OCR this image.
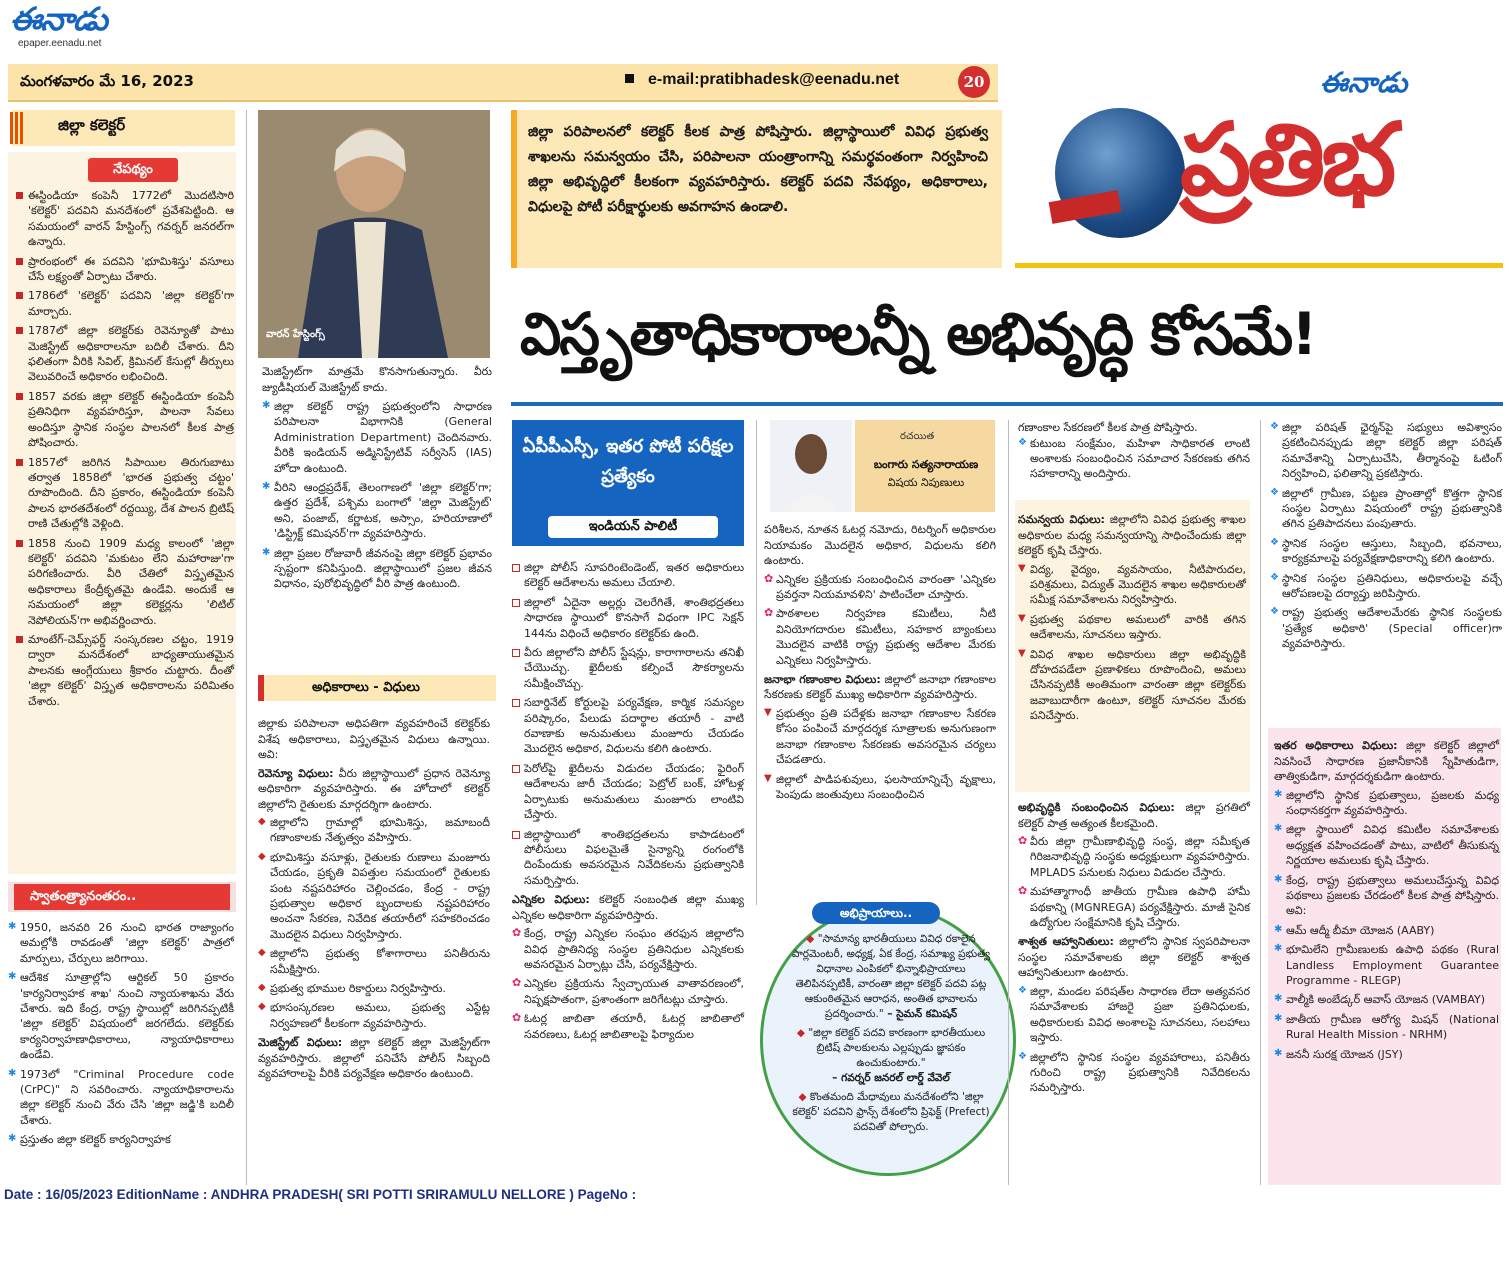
ఈనాడు
epaper.eenadu.net
మంగళవారం మే 16, 2023	e-mail:pratibhadesk@eenadu.net	20	ఈనాడు
ప్రతిభ
జిల్లా కలెక్టర్
నేపథ్యం
ఈస్టిండియా కంపెనీ 1772లో మొదటిసారి 'కలెక్టర్' పదవిని మనదేశంలో ప్రవేశపెట్టింది. ఆ సమయంలో వారన్ హేస్టింగ్స్ గవర్నర్ జనరల్‌గా ఉన్నారు.
ప్రారంభంలో ఈ పదవిని 'భూమిశిస్తు' వసూలు చేసే లక్ష్యంతో ఏర్పాటు చేశారు.
1786లో 'కలెక్టర్' పదవిని 'జిల్లా కలెక్టర్'గా మార్చారు.
1787లో జిల్లా కలెక్టర్‌కు రెవెన్యూతో పాటు మెజిస్ట్రేట్ అధికారాలనూ బదిలీ చేశారు. దీని ఫలితంగా వీరికి సివిల్, క్రిమినల్ కేసుల్లో తీర్పులు వెలువరించే అధికారం లభించింది.
1857 వరకు జిల్లా కలెక్టర్ ఈస్టిండియా కంపెనీ ప్రతినిధిగా వ్యవహరిస్తూ, పాలనా సేవలు అందిస్తూ స్థానిక సంస్థల పాలనలో కీలక పాత్ర పోషించారు.
1857లో జరిగిన సిపాయిల తిరుగుబాటు తర్వాత 1858లో 'భారత ప్రభుత్వ చట్టం' రూపొందింది. దీని ప్రకారం, ఈస్టిండియా కంపెనీ పాలన భారతదేశంలో రద్దయ్యి, దేశ పాలన బ్రిటిష్ రాణి చేతుల్లోకి వెళ్లింది.
1858 నుంచి 1909 మధ్య కాలంలో 'జిల్లా కలెక్టర్' పదవిని 'మకుటం లేని మహారాజు'గా పరిగణించారు. వీరి చేతిలో విస్తృతమైన అధికారాలు కేంద్రీకృతమై ఉండేవి. అందుకే ఆ సమయంలో జిల్లా కలెక్టర్లను 'లిటిల్ నెపోలియన్'గా అభివర్ణించారు.
మాంటేగ్-చెమ్స్‌ఫర్డ్ సంస్కరణల చట్టం, 1919 ద్వారా మనదేశంలో బాధ్యతాయుతమైన పాలనకు ఆంగ్లేయులు శ్రీకారం చుట్టారు. దీంతో 'జిల్లా కలెక్టర్' విస్తృత అధికారాలను పరిమితం చేశారు.
స్వాతంత్ర్యానంతరం..
✱ 1950, జనవరి 26 నుంచి భారత రాజ్యాంగం అమల్లోకి రావడంతో 'జిల్లా కలెక్టర్' పాత్రలో మార్పులు, చేర్పులు జరిగాయి.
✱ ఆదేశిక సూత్రాల్లోని ఆర్టికల్ 50 ప్రకారం 'కార్యనిర్వాహక శాఖ' నుంచి న్యాయశాఖను వేరు చేశారు. ఇది కేంద్ర, రాష్ట్ర స్థాయిల్లో జరిగినప్పటికీ 'జిల్లా కలెక్టర్' విషయంలో జరగలేదు. కలెక్టర్‌కు కార్యనిర్వాహణాధికారాలు, న్యాయాధికారాలు ఉండేవి.
✱ 1973లో "Criminal Procedure code (CrPC)" ని సవరించారు. న్యాయాధికారాలను జిల్లా కలెక్టర్ నుంచి వేరు చేసి 'జిల్లా జడ్జి'కి బదిలీ చేశారు.
✱ ప్రస్తుతం జిల్లా కలెక్టర్ కార్యనిర్వాహక
వారన్ హేస్టింగ్స్
మెజిస్ట్రేట్‌గా మాత్రమే కొనసాగుతున్నారు. వీరు జ్యుడీషియల్ మెజిస్ట్రేట్ కాదు.
✱ జిల్లా కలెక్టర్ రాష్ట్ర ప్రభుత్వంలోని సాధారణ పరిపాలనా విభాగానికి (General Administration Department) చెందినవారు. వీరికి ఇండియన్ అడ్మినిస్ట్రేటివ్ సర్వీసెస్ (IAS) హోదా ఉంటుంది.
✱ వీరిని ఆంధ్రప్రదేశ్, తెలంగాణలో 'జిల్లా కలెక్టర్'గా; ఉత్తర ప్రదేశ్, పశ్చిమ బంగాలో 'జిల్లా మెజిస్ట్రేట్' అని, పంజాబ్, కర్ణాటక, అస్సాం, హరియాణాలో 'డిస్ట్రిక్ట్ కమిషనర్'గా వ్యవహరిస్తారు.
✱ జిల్లా ప్రజల రోజువారీ జీవనంపై జిల్లా కలెక్టర్ ప్రభావం స్పష్టంగా కనిపిస్తుంది. జిల్లాస్థాయిలో ప్రజల జీవన విధానం, పురోభివృద్ధిలో వీరి పాత్ర ఉంటుంది.
అధికారాలు - విధులు
జిల్లాకు పరిపాలనా అధిపతిగా వ్యవహరించే కలెక్టర్‌కు విశేష అధికారాలు, విస్తృతమైన విధులు ఉన్నాయి. అవి:
రెవెన్యూ విధులు: వీరు జిల్లాస్థాయిలో ప్రధాన రెవెన్యూ అధికారిగా వ్యవహరిస్తారు. ఈ హోదాలో కలెక్టర్ జిల్లాలోని రైతులకు మార్గదర్శిగా ఉంటారు.
◆ జిల్లాలోని గ్రామాల్లో భూమిశిస్తు, జమాబందీ గణాంకాలకు నేతృత్వం వహిస్తారు.
◆ భూమిశిస్తు వసూళ్లు, రైతులకు రుణాలు మంజూరు చేయడం, ప్రకృతి విపత్తుల సమయంలో రైతులకు పంట నష్టపరిహారం చెల్లించడం, కేంద్ర - రాష్ట్ర ప్రభుత్వాల అధికార బృందాలకు నష్టపరిహారం అంచనా సేకరణ, నివేదిక తయారీలో సహకరించడం మొదలైన విధులు నిర్వహిస్తారు.
◆ జిల్లాలోని ప్రభుత్వ కోశాగారాలు పనితీరును సమీక్షిస్తారు.
◆ ప్రభుత్వ భూముల రికార్డులు నిర్వహిస్తారు.
◆ భూసంస్కరణల అమలు, ప్రభుత్వ ఎస్టేట్ల నిర్వహణలో కీలకంగా వ్యవహరిస్తారు.
మెజిస్ట్రేట్ విధులు: జిల్లా కలెక్టర్ జిల్లా మెజిస్ట్రేట్‌గా వ్యవహరిస్తారు. జిల్లాలో పనిచేసే పోలీస్ సిబ్బంది వ్యవహారాలపై వీరికి పర్యవేక్షణ అధికారం ఉంటుంది.
జిల్లా పరిపాలనలో కలెక్టర్ కీలక పాత్ర పోషిస్తారు. జిల్లాస్థాయిలో వివిధ ప్రభుత్వ శాఖలను సమన్వయం చేసి, పరిపాలనా యంత్రాంగాన్ని సమర్థవంతంగా నిర్వహించి జిల్లా అభివృద్ధిలో కీలకంగా వ్యవహరిస్తారు. కలెక్టర్ పదవి నేపథ్యం, అధికారాలు, విధులపై పోటీ పరీక్షార్థులకు అవగాహన ఉండాలి.
విస్తృతాధికారాలన్నీ అభివృద్ధి కోసమే!
ఏపీపీఎస్సీ, ఇతర పోటీ పరీక్షల ప్రత్యేకం
ఇండియన్ పాలిటీ
జిల్లా పోలీస్ సూపరింటెండెంట్, ఇతర అధికారులు కలెక్టర్ ఆదేశాలను అమలు చేయాలి.
జిల్లాలో ఏదైనా అల్లర్లు చెలరేగితే, శాంతిభద్రతలు సాధారణ స్థాయిలో కొనసాగే విధంగా IPC సెక్షన్ 144ను విధించే అధికారం కలెక్టర్‌కు ఉంది.
వీరు జిల్లాలోని పోలీస్ స్టేషన్లు, కారాగారాలను తనిఖీ చేయొచ్చు. ఖైదీలకు కల్పించే సౌకర్యాలను సమీక్షించొచ్చు.
సబార్డినేట్ కోర్టులపై పర్యవేక్షణ, కార్మిక సమస్యల పరిష్కారం, పేలుడు పదార్థాల తయారీ - వాటి రవాణాకు అనుమతులు మంజూరు చేయడం మొదలైన అధికార, విధులను కలిగి ఉంటారు.
పెరోల్‌పై ఖైదీలను విడుదల చేయడం; ఫైరింగ్ ఆదేశాలను జారీ చేయడం; పెట్రోల్ బంక్, హోటళ్ల ఏర్పాటుకు అనుమతులు మంజూరు లాంటివి చేస్తారు.
జిల్లాస్థాయిలో శాంతిభద్రతలను కాపాడటంలో పోలీసులు విఫలమైతే సైన్యాన్ని రంగంలోకి దింపేందుకు అవసరమైన నివేదికలను ప్రభుత్వానికి సమర్పిస్తారు.
ఎన్నికల విధులు: కలెక్టర్ సంబంధిత జిల్లా ముఖ్య ఎన్నికల అధికారిగా వ్యవహరిస్తారు.
✿ కేంద్ర, రాష్ట్ర ఎన్నికల సంఘం తరఫున జిల్లాలోని వివిధ ప్రాతినిధ్య సంస్థల ప్రతినిధుల ఎన్నికలకు అవసరమైన ఏర్పాట్లు చేసి, పర్యవేక్షిస్తారు.
✿ ఎన్నికల ప్రక్రియను స్వేచ్ఛాయుత వాతావరణంలో, నిష్పక్షపాతంగా, ప్రశాంతంగా జరిగేటట్లు చూస్తారు.
✿ ఓటర్ల జాబితా తయారీ, ఓటర్ల జాబితాలో సవరణలు, ఓటర్ల జాబితాలపై ఫిర్యాదుల
రచయిత
బంగారు సత్యనారాయణ
విషయ నిపుణులు
పరిశీలన, నూతన ఓటర్ల నమోదు, రిటర్నింగ్ అధికారుల నియామకం మొదలైన అధికార, విధులను కలిగి ఉంటారు.
✿ ఎన్నికల ప్రక్రియకు సంబంధించిన వారంతా 'ఎన్నికల ప్రవర్తనా నియమావళిని' పాటించేలా చూస్తారు.
✿ పాఠశాలల నిర్వహణ కమిటీలు, నీటి వినియోగదారుల కమిటీలు, సహకార బ్యాంకులు మొదలైన వాటికి రాష్ట్ర ప్రభుత్వ ఆదేశాల మేరకు ఎన్నికలు నిర్వహిస్తారు.
జనాభా గణాంకాల విధులు: జిల్లాలో జనాభా గణాంకాల సేకరణకు కలెక్టర్ ముఖ్య అధికారిగా వ్యవహరిస్తారు.
▼ ప్రభుత్వం ప్రతి పదేళ్లకు జనాభా గణాంకాల సేకరణ కోసం పంపించే మార్గదర్శక సూత్రాలకు అనుగుణంగా జనాభా గణాంకాల సేకరణకు అవసరమైన చర్యలు చేపడతారు.
▼ జిల్లాలో పాడిపశువులు, ఫలసాయాన్నిచ్చే వృక్షాలు, పెంపుడు జంతువులు సంబంధించిన
అభిప్రాయాలు..
◆ "సామాన్య భారతీయులు వివిధ రకాలైన పార్లమెంటరీ, అధ్యక్ష, ఏక కేంద్ర, సమాఖ్య ప్రభుత్వ విధానాల ఎంపికలో భిన్నాభిప్రాయాలు తెలిపినప్పటికీ, వారంతా జిల్లా కలెక్టర్ పదవి పట్ల ఆకుంఠితమైన ఆరాధన, అంతిత భావాలను ప్రదర్శించారు." – సైమన్ కమిషన్
◆ "జిల్లా కలెక్టర్ పదవి కారణంగా భారతీయులు బ్రిటిష్ పాలకులను ఎల్లప్పుడు జ్ఞాపకం ఉంచుకుంటారు."
– గవర్నర్ జనరల్ లార్డ్ వేవెల్
◆ కొంతమంది మేధావులు మనదేశంలోని 'జిల్లా కలెక్టర్' పదవిని ఫ్రాన్స్ దేశంలోని ప్రిఫెక్ట్ (Prefect) పదవితో పోల్చారు.
గణాంకాల సేకరణలో కీలక పాత్ర పోషిస్తారు.
❖ కుటుంబ సంక్షేమం, మహిళా సాధికారత లాంటి అంశాలకు సంబంధించిన సమాచార సేకరణకు తగిన సహకారాన్ని అందిస్తారు.
సమన్వయ విధులు: జిల్లాలోని వివిధ ప్రభుత్వ శాఖల అధికారుల మధ్య సమన్వయాన్ని సాధించేందుకు జిల్లా కలెక్టర్ కృషి చేస్తారు.
▼ విద్య, వైద్యం, వ్యవసాయం, నీటిపారుదల, పరిశ్రమలు, విద్యుత్ మొదలైన శాఖల అధికారులతో సమీక్ష సమావేశాలను నిర్వహిస్తారు.
▼ ప్రభుత్వ పథకాల అమలులో వారికి తగిన ఆదేశాలను, సూచనలు ఇస్తారు.
▼ వివిధ శాఖల అధికారులు జిల్లా అభివృద్ధికి దోహదపడేలా ప్రణాళికలు రూపొందించి, అమలు చేసినప్పటికీ అంతిమంగా వారంతా జిల్లా కలెక్టర్‌కు జవాబుదారీగా ఉంటూ, కలెక్టర్ సూచనల మేరకు పనిచేస్తారు.
అభివృద్ధికి సంబంధించిన విధులు: జిల్లా ప్రగతిలో కలెక్టర్ పాత్ర అత్యంత కీలకమైంది.
✿ వీరు జిల్లా గ్రామీణాభివృద్ధి సంస్థ, జిల్లా సమీకృత గిరిజనాభివృద్ధి సంస్థకు అధ్యక్షులుగా వ్యవహరిస్తారు. MPLADS పనులకు నిధులు విడుదల చేస్తారు.
✿ మహాత్మాగాంధీ జాతీయ గ్రామీణ ఉపాధి హామీ పథకాన్ని (MGNREGA) పర్యవేక్షిస్తారు. మాజీ సైనిక ఉద్యోగుల సంక్షేమానికి కృషి చేస్తారు.
శాశ్వత ఆహ్వానితులు: జిల్లాలోని స్థానిక స్వపరిపాలనా సంస్థల సమావేశాలకు జిల్లా కలెక్టర్ శాశ్వత ఆహ్వానితులుగా ఉంటారు.
❖ జిల్లా, మండల పరిషత్‌ల సాధారణ లేదా అత్యవసర సమావేశాలకు హాజరై ప్రజా ప్రతినిధులకు, అధికారులకు వివిధ అంశాలపై సూచనలు, సలహాలు ఇస్తారు.
❖ జిల్లాలోని స్థానిక సంస్థల వ్యవహారాలు, పనితీరు గురించి రాష్ట్ర ప్రభుత్వానికి నివేదికలను సమర్పిస్తారు.
❖ జిల్లా పరిషత్ ఛైర్మన్‌పై సభ్యులు అవిశ్వాసం ప్రకటించినప్పుడు జిల్లా కలెక్టర్ జిల్లా పరిషత్ సమావేశాన్ని ఏర్పాటుచేసి, తీర్మానంపై ఓటింగ్ నిర్వహించి, ఫలితాన్ని ప్రకటిస్తారు.
❖ జిల్లాలో గ్రామీణ, పట్టణ ప్రాంతాల్లో కొత్తగా స్థానిక సంస్థల ఏర్పాటు విషయంలో రాష్ట్ర ప్రభుత్వానికి తగిన ప్రతిపాదనలు పంపుతారు.
❖ స్థానిక సంస్థల ఆస్తులు, సిబ్బంది, భవనాలు, కార్యక్రమాలపై పర్యవేక్షణాధికారాన్ని కలిగి ఉంటారు.
❖ స్థానిక సంస్థల ప్రతినిధులు, అధికారులపై వచ్చే ఆరోపణలపై దర్యాప్తు జరిపిస్తారు.
❖ రాష్ట్ర ప్రభుత్వ ఆదేశాలమేరకు స్థానిక సంస్థలకు 'ప్రత్యేక అధికారి' (Special officer)గా వ్యవహరిస్తారు.
ఇతర అధికారాలు విధులు: జిల్లా కలెక్టర్ జిల్లాలో నివసించే సాధారణ ప్రజానీకానికి స్నేహితుడిగా, తాత్వికుడిగా, మార్గదర్శకుడిగా ఉంటారు.
✱ జిల్లాలోని స్థానిక ప్రభుత్వాలు, ప్రజలకు మధ్య సంధానకర్తగా వ్యవహరిస్తారు.
✱ జిల్లా స్థాయిలో వివిధ కమిటీల సమావేశాలకు అధ్యక్షత వహించడంతో పాటు, వాటిలో తీసుకున్న నిర్ణయాల అమలుకు కృషి చేస్తారు.
✱ కేంద్ర, రాష్ట్ర ప్రభుత్వాలు అమలుచేస్తున్న వివిధ పథకాలు ప్రజలకు చేరడంలో కీలక పాత్ర పోషిస్తారు. అవి:
✱ ఆమ్ ఆద్మీ బీమా యోజన (AABY)
✱ భూమిలేని గ్రామీణులకు ఉపాధి పథకం (Rural Landless Employment Guarantee Programme - RLEGP)
✱ వాల్మీకి అంబేడ్కర్ ఆవాస్ యోజన (VAMBAY)
✱ జాతీయ గ్రామీణ ఆరోగ్య మిషన్ (National Rural Health Mission - NRHM)
✱ జననీ సురక్ష యోజన (JSY)
Date : 16/05/2023 EditionName : ANDHRA PRADESH( SRI POTTI SRIRAMULU NELLORE ) PageNo :
